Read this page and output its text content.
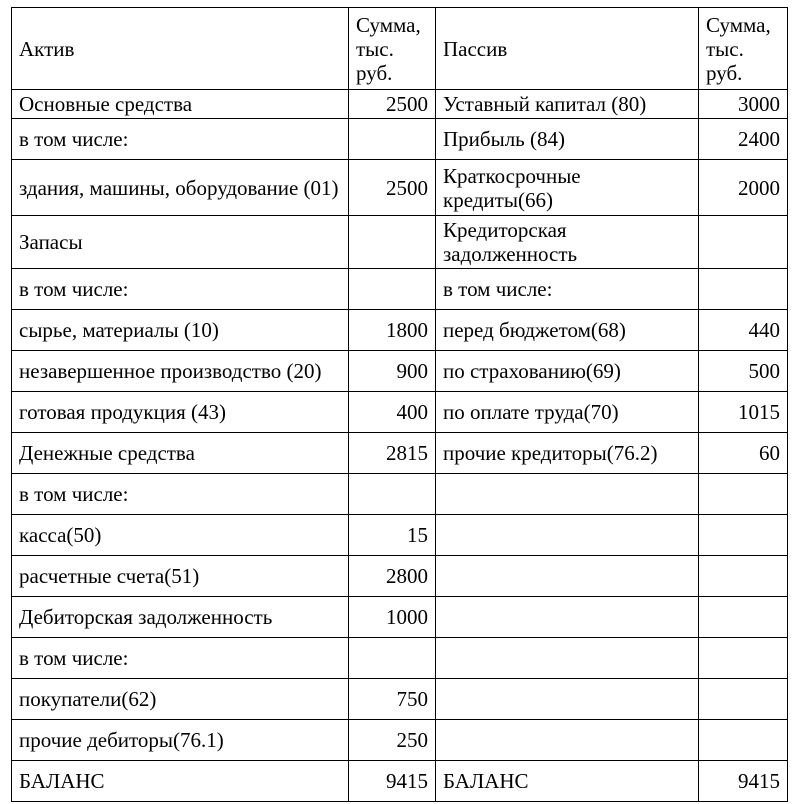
Актив	Сумма,
тыс.
руб.	Пассив	Сумма,
тыс.
руб.

Основные средства	2500	Уставный капитал (80)	3000
в том числе:		Прибыль (84)	2400
здания, машины, оборудование (01)	2500	Краткосрочные кредиты(66)	2000
Запасы		Кредиторская задолженность	
в том числе:		в том числе:	
сырье, материалы (10)	1800	перед бюджетом(68)	440
незавершенное производство (20)	900	по страхованию(69)	500
готовая продукция (43)	400	по оплате труда(70)	1015
Денежные средства	2815	прочие кредиторы(76.2)	60
в том числе:			
касса(50)	15		
расчетные счета(51)	2800		
Дебиторская задолженность	1000		
в том числе:			
покупатели(62)	750		
прочие дебиторы(76.1)	250		
БАЛАНС	9415	БАЛАНС	9415
